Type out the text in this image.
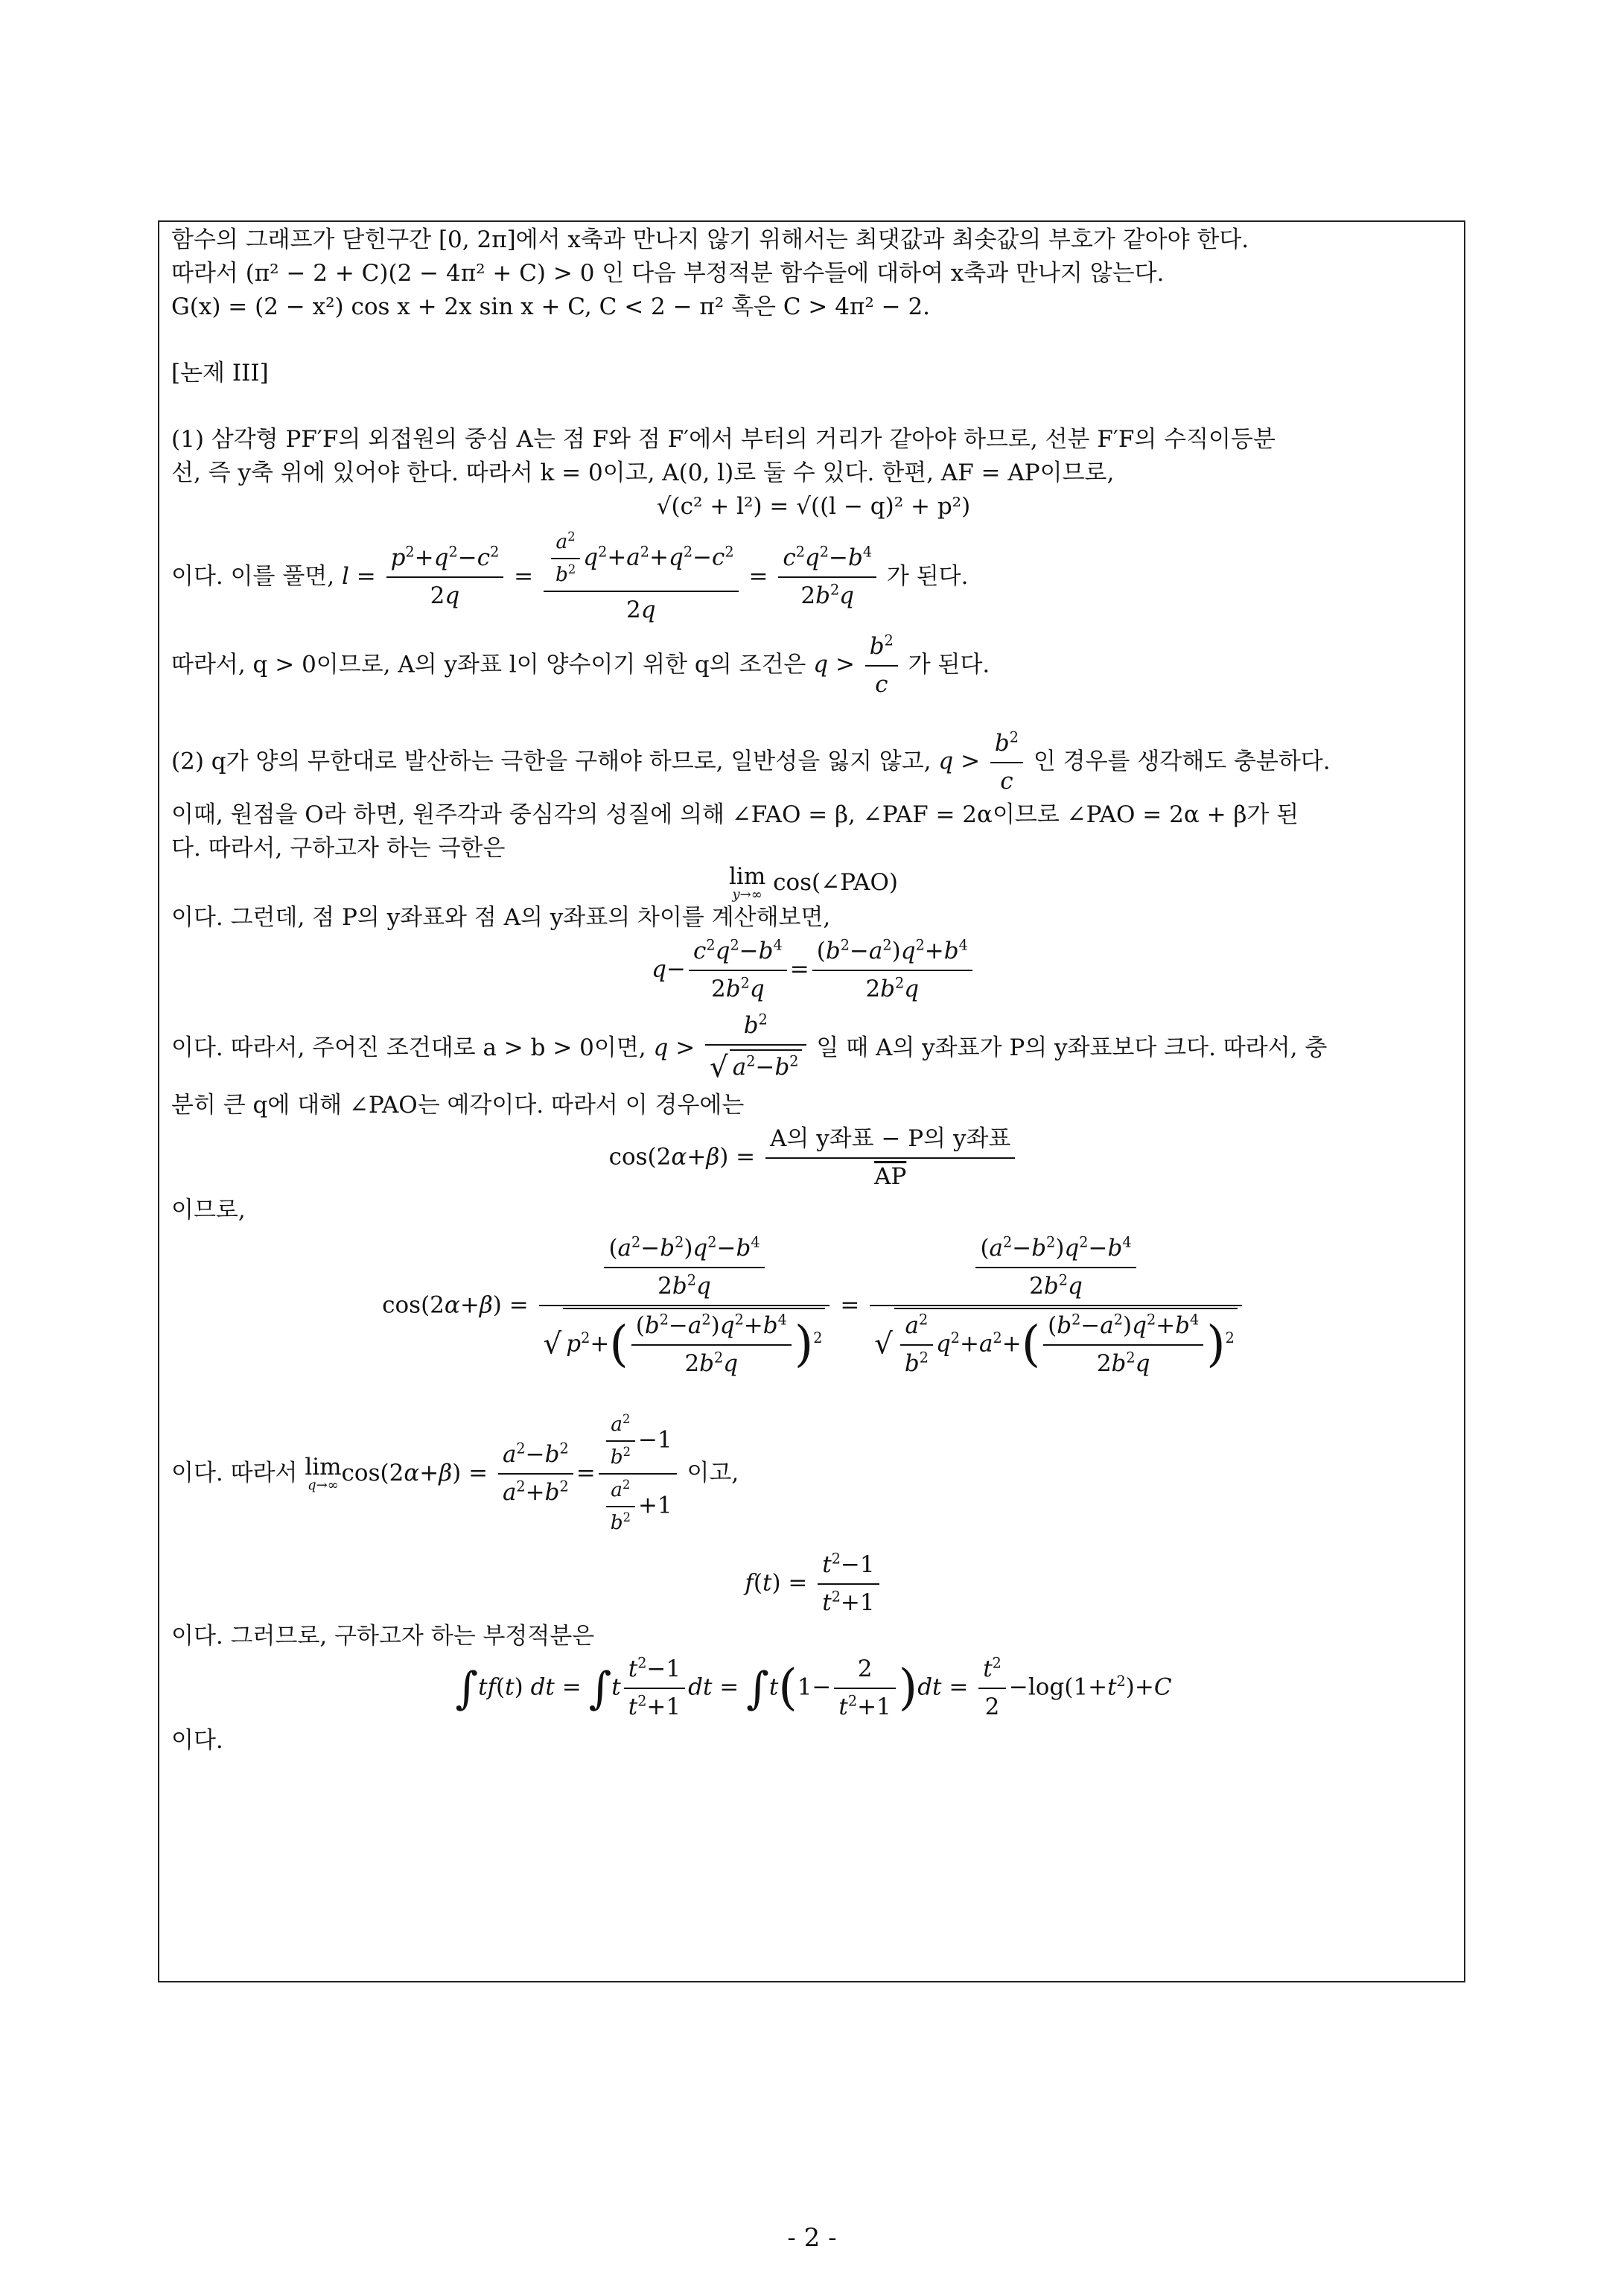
함수의 그래프가 닫힌구간 [0, 2π]에서 x축과 만나지 않기 위해서는 최댓값과 최솟값의 부호가 같아야 한다.

따라서 (π² − 2 + C)(2 − 4π² + C) > 0 인 다음 부정적분 함수들에 대하여 x축과 만나지 않는다.

G(x) = (2 − x²) cos x + 2x sin x + C, C < 2 − π² 혹은 C > 4π² − 2.

[논제 III]

(1) 삼각형 PF′F의 외접원의 중심 A는 점 F와 점 F′에서 부터의 거리가 같아야 하므로, 선분 F′F의 수직이등분

선, 즉 y축 위에 있어야 한다. 따라서 k = 0이고, A(0, l)로 둘 수 있다. 한편, AF = AP이므로,

√(c² + l²) = √((l − q)² + p²)

이다. 이를 풀면, $l = \frac{p^2+q^2-c^2}{2q} = \frac{\frac{a^2}{b^2} q^2+a^2+q^2-c^2}{2q} = \frac{c^2q^2-b^4}{2b^2q}$ 가 된다.

따라서, q > 0이므로, A의 y좌표 l이 양수이기 위한 q의 조건은 $q > \frac{b^2}{c}$ 가 된다.

(2) q가 양의 무한대로 발산하는 극한을 구해야 하므로, 일반성을 잃지 않고, $q > \frac{b^2}{c}$ 인 경우를 생각해도 충분하다.

이때, 원점을 O라 하면, 원주각과 중심각의 성질에 의해 ∠FAO = β, ∠PAF = 2α이므로 ∠PAO = 2α + β가 된

다. 따라서, 구하고자 하는 극한은

lim
y→∞ cos(∠PAO)

이다. 그런데, 점 P의 y좌표와 점 A의 y좌표의 차이를 계산해보면,

$q- \frac{c^2q^2-b^4}{2b^2q} = \frac{(b^2-a^2)q^2+b^4}{2b^2q}$

이다. 따라서, 주어진 조건대로 a > b > 0이면, $q > \frac{b^2}{√ a^2-b^2}$ 일 때 A의 y좌표가 P의 y좌표보다 크다. 따라서, 충

분히 큰 q에 대해 ∠PAO는 예각이다. 따라서 이 경우에는

$\cos(2\alpha+\beta) = \frac{\text{A의 y좌표 − P의 y좌표}}{AP}$

이므로,

$\cos(2\alpha+\beta) = \frac{\frac{(a^2-b^2)q^2-b^4}{2b^2q}}{√ p^2+( \frac{(b^2-a^2)q^2+b^4}{2b^2q} )^2} = \frac{\frac{(a^2-b^2)q^2-b^4}{2b^2q}}{√ \frac{a^2}{b^2} q^2+a^2+( \frac{(b^2-a^2)q^2+b^4}{2b^2q} )^2}$

이다. 따라서 lim
q→∞ $\cos(2\alpha+\beta) = \frac{a^2-b^2}{a^2+b^2} = \frac{\frac{a^2}{b^2} -1}{\frac{a^2}{b^2} +1}$ 이고,

$f(t) = \frac{t^2-1}{t^2+1}$

이다. 그러므로, 구하고자 하는 부정적분은

∫tf(t) dt = $\int t \frac{t^2-1}{t^2+1}$ dt = $\int t(1- \frac{2}{t^2+1} )dt = \frac{t^2}{2} -\log(1+t^2)+C$

이다.

- 2 -
